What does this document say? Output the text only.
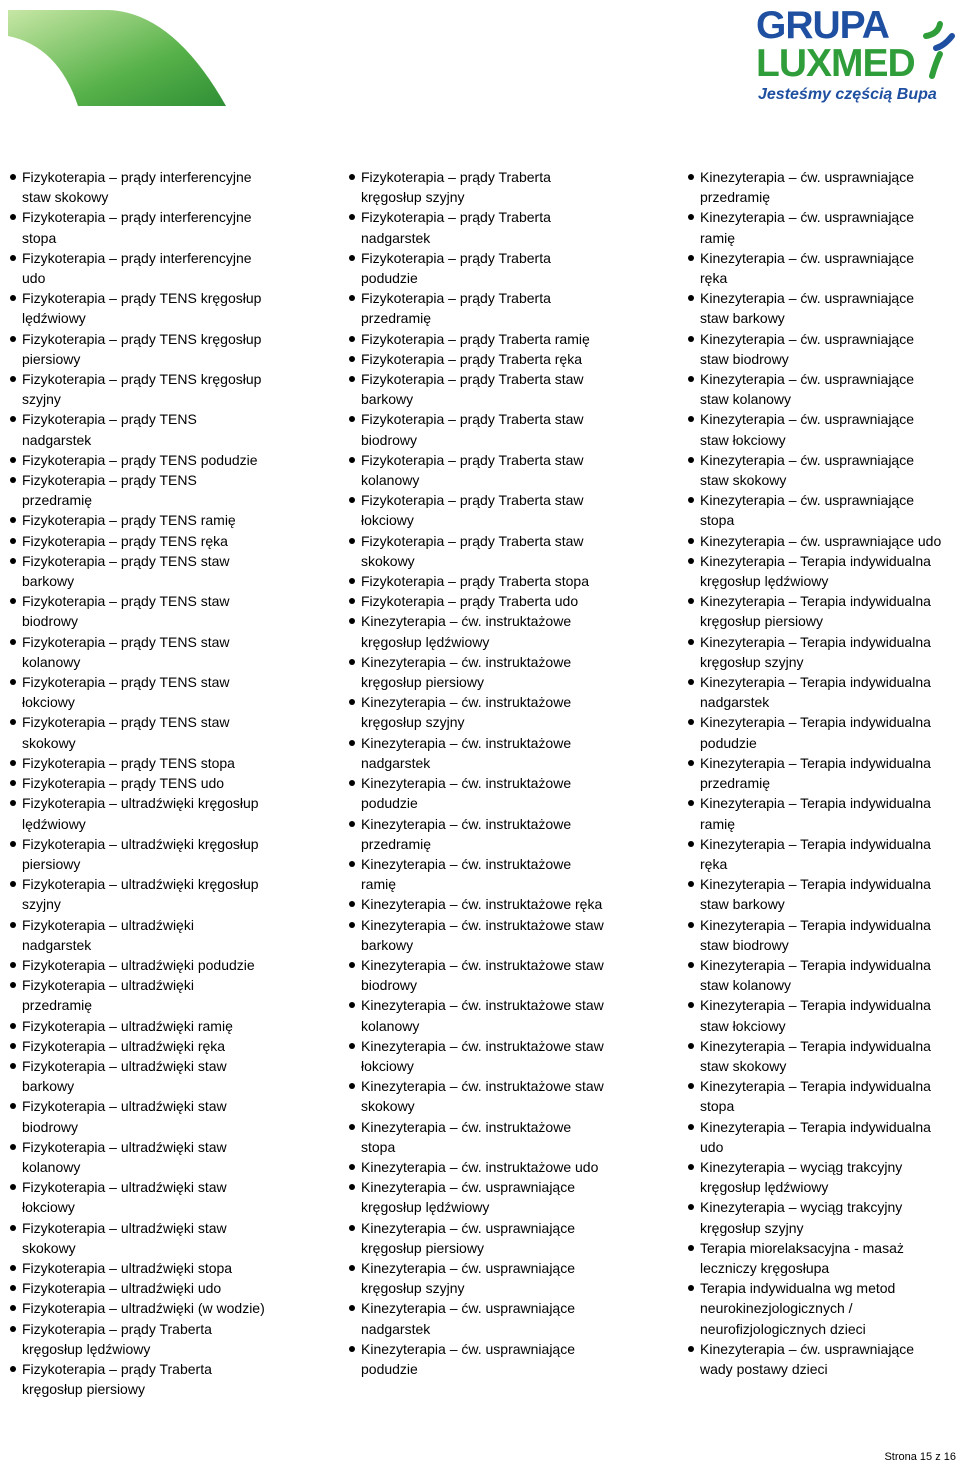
GRUPA
LUXMED
Jesteśmy częścią Bupa
Fizykoterapia – prądy interferencyjne
staw skokowy
Fizykoterapia – prądy interferencyjne
stopa
Fizykoterapia – prądy interferencyjne
udo
Fizykoterapia – prądy TENS kręgosłup
lędźwiowy
Fizykoterapia – prądy TENS kręgosłup
piersiowy
Fizykoterapia – prądy TENS kręgosłup
szyjny
Fizykoterapia – prądy TENS
nadgarstek
Fizykoterapia – prądy TENS podudzie
Fizykoterapia – prądy TENS
przedramię
Fizykoterapia – prądy TENS ramię
Fizykoterapia – prądy TENS ręka
Fizykoterapia – prądy TENS staw
barkowy
Fizykoterapia – prądy TENS staw
biodrowy
Fizykoterapia – prądy TENS staw
kolanowy
Fizykoterapia – prądy TENS staw
łokciowy
Fizykoterapia – prądy TENS staw
skokowy
Fizykoterapia – prądy TENS stopa
Fizykoterapia – prądy TENS udo
Fizykoterapia – ultradźwięki kręgosłup
lędźwiowy
Fizykoterapia – ultradźwięki kręgosłup
piersiowy
Fizykoterapia – ultradźwięki kręgosłup
szyjny
Fizykoterapia – ultradźwięki
nadgarstek
Fizykoterapia – ultradźwięki podudzie
Fizykoterapia – ultradźwięki
przedramię
Fizykoterapia – ultradźwięki ramię
Fizykoterapia – ultradźwięki ręka
Fizykoterapia – ultradźwięki staw
barkowy
Fizykoterapia – ultradźwięki staw
biodrowy
Fizykoterapia – ultradźwięki staw
kolanowy
Fizykoterapia – ultradźwięki staw
łokciowy
Fizykoterapia – ultradźwięki staw
skokowy
Fizykoterapia – ultradźwięki stopa
Fizykoterapia – ultradźwięki udo
Fizykoterapia – ultradźwięki (w wodzie)
Fizykoterapia – prądy Traberta
kręgosłup lędźwiowy
Fizykoterapia – prądy Traberta
kręgosłup piersiowy
Fizykoterapia – prądy Traberta
kręgosłup szyjny
Fizykoterapia – prądy Traberta
nadgarstek
Fizykoterapia – prądy Traberta
podudzie
Fizykoterapia – prądy Traberta
przedramię
Fizykoterapia – prądy Traberta ramię
Fizykoterapia – prądy Traberta ręka
Fizykoterapia – prądy Traberta staw
barkowy
Fizykoterapia – prądy Traberta staw
biodrowy
Fizykoterapia – prądy Traberta staw
kolanowy
Fizykoterapia – prądy Traberta staw
łokciowy
Fizykoterapia – prądy Traberta staw
skokowy
Fizykoterapia – prądy Traberta stopa
Fizykoterapia – prądy Traberta udo
Kinezyterapia – ćw. instruktażowe
kręgosłup lędźwiowy
Kinezyterapia – ćw. instruktażowe
kręgosłup piersiowy
Kinezyterapia – ćw. instruktażowe
kręgosłup szyjny
Kinezyterapia – ćw. instruktażowe
nadgarstek
Kinezyterapia – ćw. instruktażowe
podudzie
Kinezyterapia – ćw. instruktażowe
przedramię
Kinezyterapia – ćw. instruktażowe
ramię
Kinezyterapia – ćw. instruktażowe ręka
Kinezyterapia – ćw. instruktażowe staw
barkowy
Kinezyterapia – ćw. instruktażowe staw
biodrowy
Kinezyterapia – ćw. instruktażowe staw
kolanowy
Kinezyterapia – ćw. instruktażowe staw
łokciowy
Kinezyterapia – ćw. instruktażowe staw
skokowy
Kinezyterapia – ćw. instruktażowe
stopa
Kinezyterapia – ćw. instruktażowe udo
Kinezyterapia – ćw. usprawniające
kręgosłup lędźwiowy
Kinezyterapia – ćw. usprawniające
kręgosłup piersiowy
Kinezyterapia – ćw. usprawniające
kręgosłup szyjny
Kinezyterapia – ćw. usprawniające
nadgarstek
Kinezyterapia – ćw. usprawniające
podudzie
Kinezyterapia – ćw. usprawniające
przedramię
Kinezyterapia – ćw. usprawniające
ramię
Kinezyterapia – ćw. usprawniające
ręka
Kinezyterapia – ćw. usprawniające
staw barkowy
Kinezyterapia – ćw. usprawniające
staw biodrowy
Kinezyterapia – ćw. usprawniające
staw kolanowy
Kinezyterapia – ćw. usprawniające
staw łokciowy
Kinezyterapia – ćw. usprawniające
staw skokowy
Kinezyterapia – ćw. usprawniające
stopa
Kinezyterapia – ćw. usprawniające udo
Kinezyterapia – Terapia indywidualna
kręgosłup lędźwiowy
Kinezyterapia – Terapia indywidualna
kręgosłup piersiowy
Kinezyterapia – Terapia indywidualna
kręgosłup szyjny
Kinezyterapia – Terapia indywidualna
nadgarstek
Kinezyterapia – Terapia indywidualna
podudzie
Kinezyterapia – Terapia indywidualna
przedramię
Kinezyterapia – Terapia indywidualna
ramię
Kinezyterapia – Terapia indywidualna
ręka
Kinezyterapia – Terapia indywidualna
staw barkowy
Kinezyterapia – Terapia indywidualna
staw biodrowy
Kinezyterapia – Terapia indywidualna
staw kolanowy
Kinezyterapia – Terapia indywidualna
staw łokciowy
Kinezyterapia – Terapia indywidualna
staw skokowy
Kinezyterapia – Terapia indywidualna
stopa
Kinezyterapia – Terapia indywidualna
udo
Kinezyterapia – wyciąg trakcyjny
kręgosłup lędźwiowy
Kinezyterapia – wyciąg trakcyjny
kręgosłup szyjny
Terapia miorelaksacyjna - masaż
leczniczy kręgosłupa
Terapia indywidualna wg metod
neurokinezjologicznych /
neurofizjologicznych dzieci
Kinezyterapia – ćw. usprawniające
wady postawy dzieci
Strona 15 z 16
